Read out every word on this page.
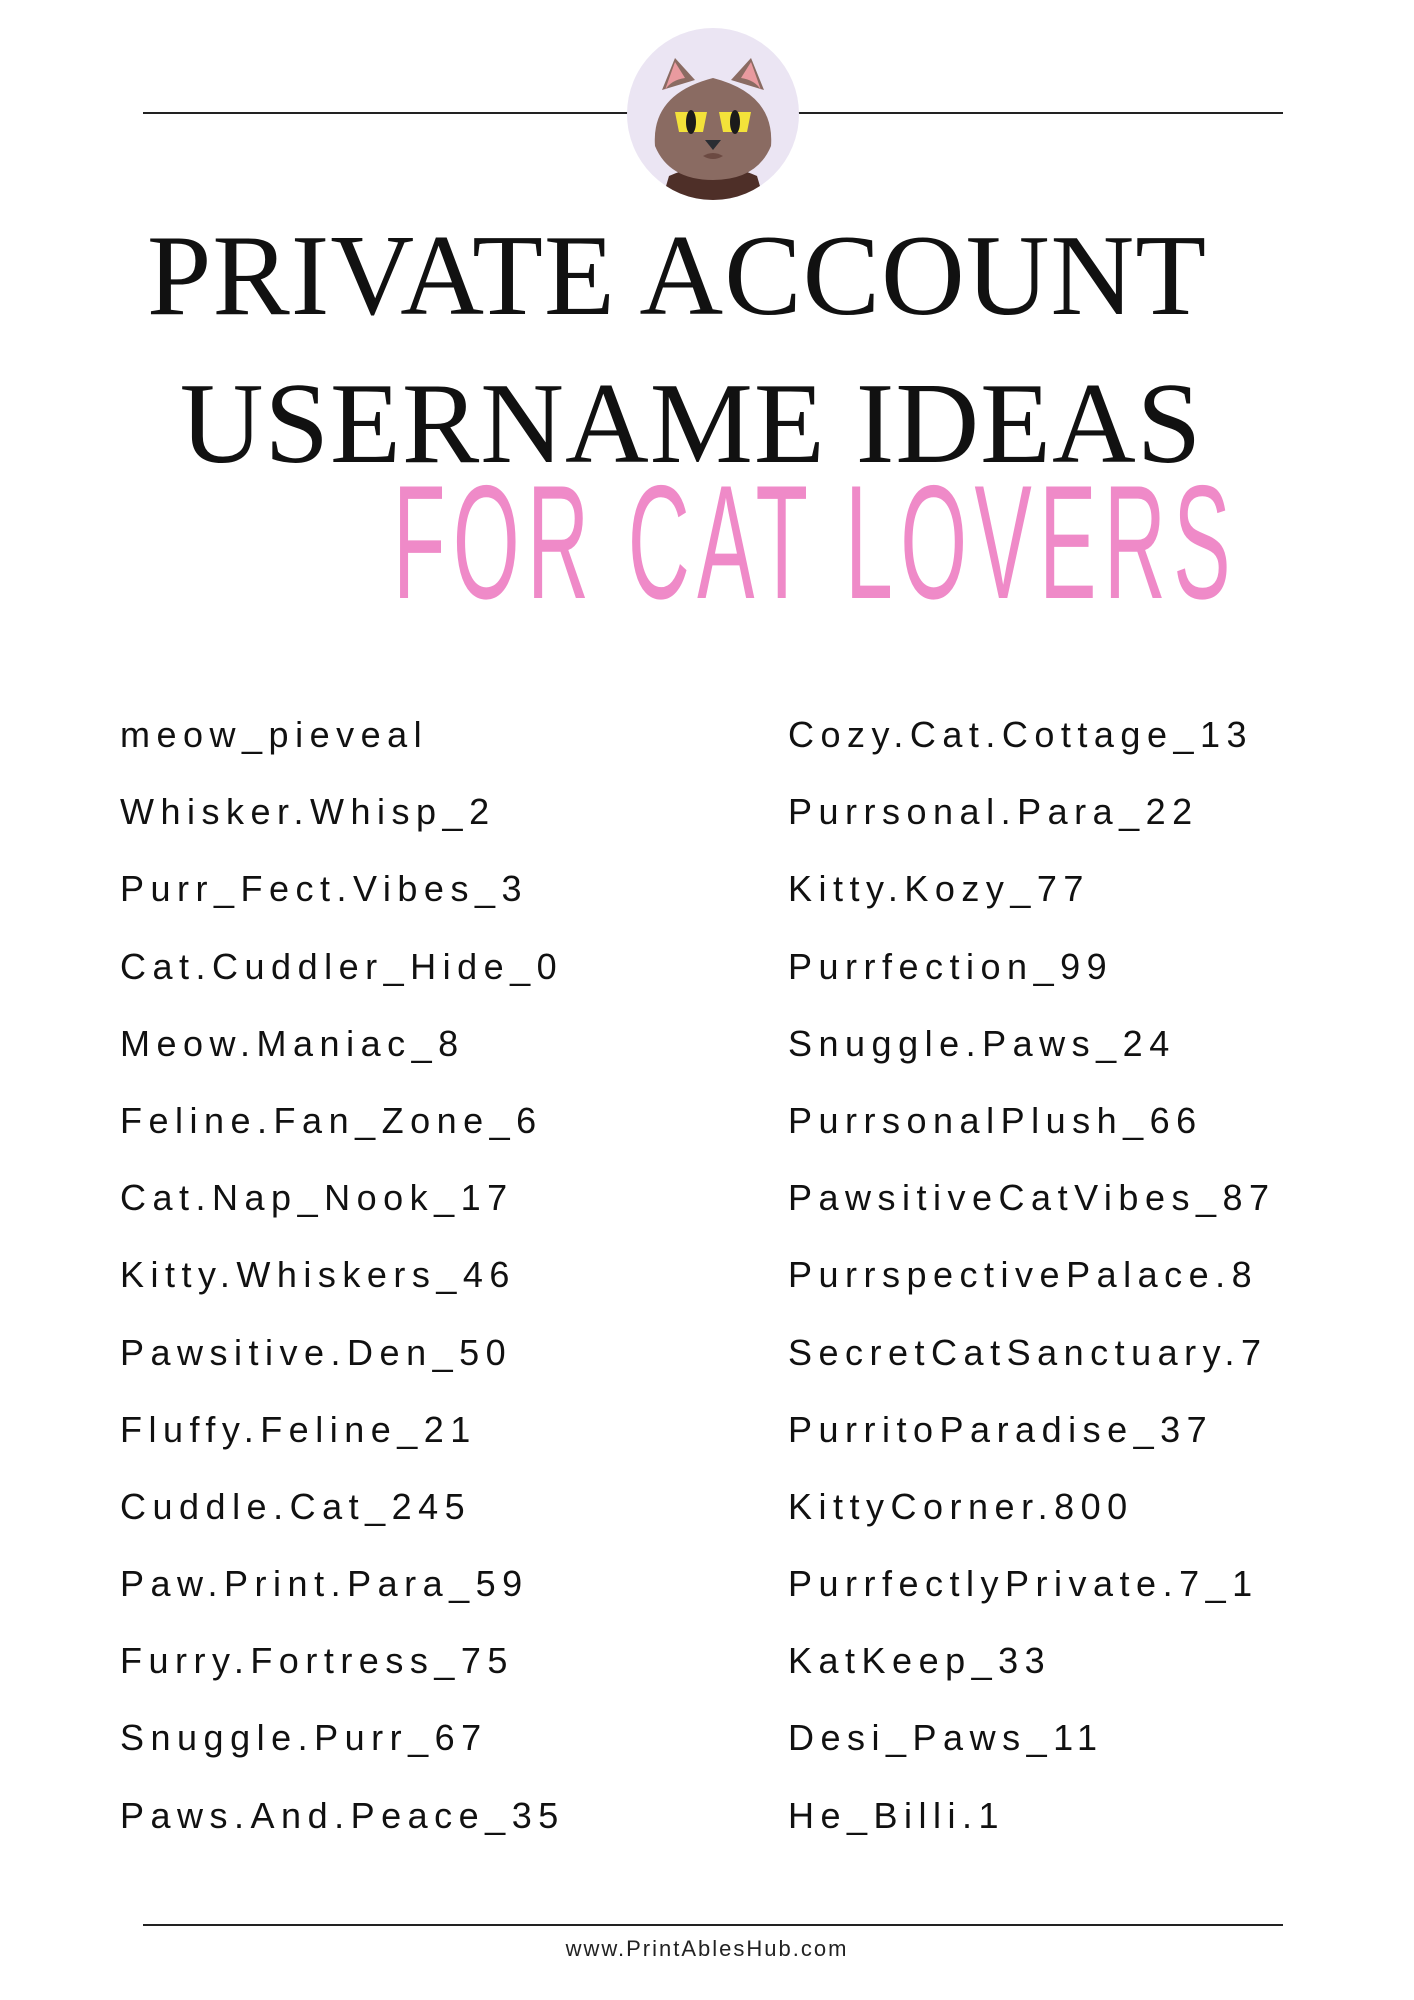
PRIVATE ACCOUNT
USERNAME IDEAS
FOR CAT LOVERS
meow_pieveal
Whisker.Whisp_2
Purr_Fect.Vibes_3
Cat.Cuddler_Hide_0
Meow.Maniac_8
Feline.Fan_Zone_6
Cat.Nap_Nook_17
Kitty.Whiskers_46
Pawsitive.Den_50
Fluffy.Feline_21
Cuddle.Cat_245
Paw.Print.Para_59
Furry.Fortress_75
Snuggle.Purr_67
Paws.And.Peace_35
Cozy.Cat.Cottage_13
Purrsonal.Para_22
Kitty.Kozy_77
Purrfection_99
Snuggle.Paws_24
PurrsonalPlush_66
PawsitiveCatVibes_87
PurrspectivePalace.8
SecretCatSanctuary.7
PurritoParadise_37
KittyCorner.800
PurrfectlyPrivate.7_1
KatKeep_33
Desi_Paws_11
He_Billi.1
www.PrintAblesHub.com
